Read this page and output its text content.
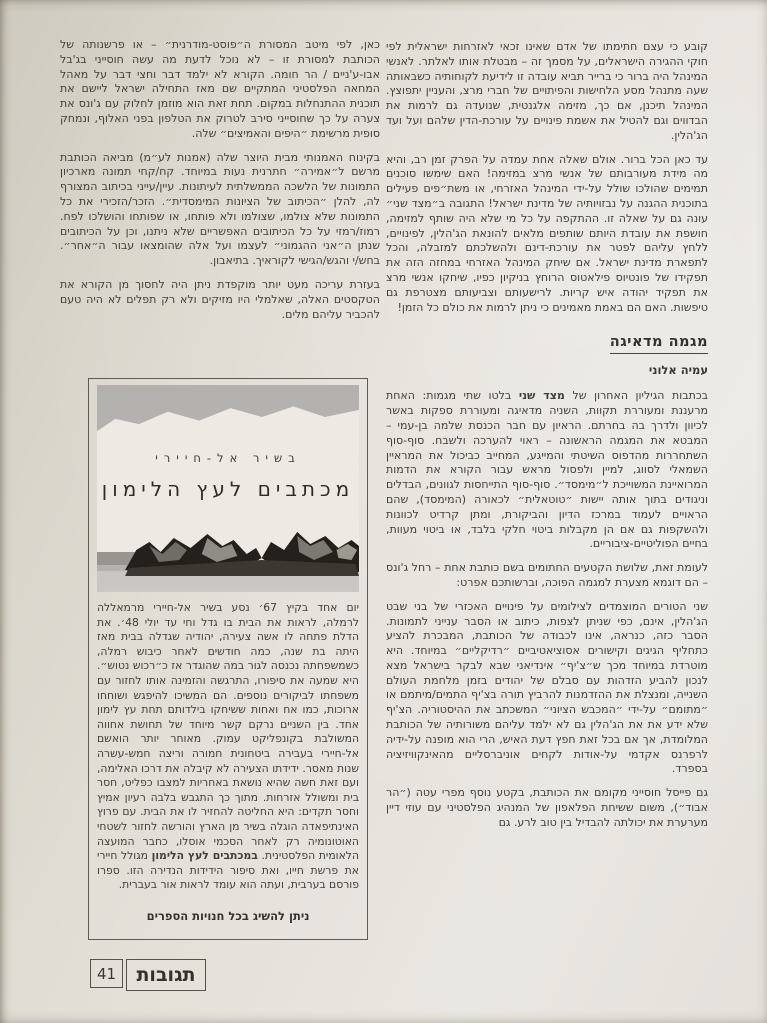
קובע כי עצם חתימתו של אדם שאינו זכאי לאזרחות ישראלית לפי חוקי ההגירה הישראלים, על מסמך זה – מבטלת אותו לאלתר. לאנשי המינהל היה ברור כי ברייר תביא עובדה זו לידיעת לקוחותיה כשבאותה שעה מתנהל מסע הלחישות והפיתויים של חברי מרצ, והעניין יתפוצץ. המינהל תיכנן, אם כך, מזימה אלגנטית, שנועדה גם לרמות את הבדווים וגם להטיל את אשמת פינויים על עורכת-הדין שלהם ועל ועד הג'הלין.

עד כאן הכל ברור. אולם שאלה אחת עמדה על הפרק זמן רב, והיא מה מידת מעורבותם של אנשי מרצ במזימה! האם שימשו סוכנים תמימים שהולכו שולל על-ידי המינהל האזרחי, או משת״פים פעילים בתוכנית ההגנה על נבזויותיה של מדינת ישראל! התגובה ב״מצד שני״ עונה גם על שאלה זו. ההתקפה על כל מי שלא היה שותף למזימה, חושפת את עובדת היותם שותפים מלאים להונאת הג'הלין, לפינויים, ללחץ עליהם לפטר את עורכת-דינם ולהשלכתם למזבלה, והכל לתפארת מדינת ישראל. אם שיחק המינהל האזרחי במחזה הזה את תפקידו של פונטיוס פילאטוס הרוחץ בניקיון כפיו, שיחקו אנשי מרצ את תפקיד יהודה איש קריות. לרישעותם וצביעותם מצטרפת גם טיפשות. האם הם באמת מאמינים כי ניתן לרמות את כולם כל הזמן!

מגמה מדאיגה
עמיה אלוני

בכתבות הגיליון האחרון של מצד שני בלטו שתי מגמות: האחת מרעננת ומעוררת תקוות, השניה מדאיגה ומעוררת ספקות באשר לכיוון ולדרך בה בחרתם. הראיון עם חבר הכנסת שלמה בן-עמי – המבטא את המגמה הראשונה – ראוי להערכה ולשבח. סוף-סוף השתחררות מהדפוס השיטתי והמייגע, המחייב כביכול את המראיין השמאלי לסווג, למיין ולפסול מראש עבור הקורא את הדמות המרואיינת המשוייכת ל״מימסד״. סוף-סוף התייחסות לגוונים, הבדלים וניגודים בתוך אותה יישות ״טוטאלית״ לכאורה (המימסד), שהם הראויים לעמוד במרכז הדיון והביקורת, ומתן קרדיט לכוונות ולהשקפות גם אם הן מקבלות ביטוי חלקי בלבד, או ביטוי מעוות, בחיים הפוליטיים-ציבוריים.

לעומת זאת, שלושת הקטעים החתומים בשם כותבת אחת – רחל ג'ונס – הם דוגמא מצערת למגמה הפוכה, וברשותכם אפרט:

שני הטורים המוצמדים לצילומים על פינויים האכזרי של בני שבט הג'הלין, אינם, כפי שניתן לצפות, כיתוב או הסבר ענייני לתמונות. הסבר כזה, כנראה, אינו לכבודה של הכותבת, המבכרת להציע כתחליף הגיגים וקישורים אסוציאטיביים ״רדיקליים״ במיוחד. היא מוטרדת במיוחד מכך ש״צ'יף״ אינדיאני שבא לבקר בישראל מצא לנכון להביע הזדהות עם סבלם של יהודים בזמן מלחמת העולם השנייה, ומנצלת את ההזדמנות להרביץ תורה בצ'יף התמים/מיתמם או ״מתומם״ על-ידי ״המכבש הציוני״ המשכתב את ההיסטוריה. הצ'יף שלא ידע את את הג'הלין גם לא ילמד עליהם משורותיה של הכותבת המלומדת, אך אם בכל זאת חפץ דעת האיש, הרי הוא מופנה על-ידיה לרפרנס אקדמי על-אודות לקחים אוניברסליים מהאינקוויזיציה בספרד.

גם פייסל חוסייני מקומם את הכותבת, בקטע נוסף מפרי עטה (״הר אבוד״), משום ששיחת הפלאפון של המנהיג הפלסטיני עם עוזי דיין מערערת את יכולתה להבדיל בין טוב לרע. גם

כאן, לפי מיטב המסורת ה״פוסט-מודרנית״ – או פרשנותה של הכותבת למסורת זו – לא נוכל לדעת מה עשה חוסייני בג'בל אבו-ע'ניים / הר חומה. הקורא לא ילמד דבר וחצי דבר על מאהל המחאה הפלסטיני המתקיים שם מאז התחילה ישראל ליישם את תוכנית ההתנחלות במקום. תחת זאת הוא מוזמן לחלוק עם ג'ונס את צערה על כך שחוסייני סירב לטרוק את הטלפון בפני האלוף, ונמחק סופית מרשימת ״היפים והאמיצים״ שלה.

בקינוח האמנותי מבית היוצר שלה (אמנות לע״מ) מביאה הכותבת מרשם ל״אמירה״ חתרנית נעות במיוחד. קח/קחי תמונה מארכיון התמונות של הלשכה הממשלתית לעיתונות. עיין/עייני בכיתוב המצורף לה, להלן ״הכיתוב של הציונות המימסדית״. הזכר/הזכירי את כל התמונות שלא צולמו, שצולמו ולא פותחו, או שפותחו והושלכו לפח. רמוז/רמזי על כל הכיתובים האפשריים שלא ניתנו, וכן על הכיתובים שנתן ה״אני ההגמוני״ לעצמו ועל אלה שהומצאו עבור ה״אחר״. בחש/י והגש/הגישי לקוראיך. בתיאבון.

בעזרת עריכה מעט יותר מוקפדת ניתן היה לחסוך מן הקורא את הטקסטים האלה, שאלמלי היו מזיקים ולא רק תפלים לא היה טעם להכביר עליהם מלים.

בשיר אל-חיירי
מכתבים לעץ הלימון
יום אחד בקיץ 67׳ נסע בשיר אל-חיירי מרמאללה לרמלה, לראות את הבית בו גדל וחי עד יולי 48׳. את הדלת פתחה לו אשה צעירה, יהודיה שגדלה בבית מאז היתה בת שנה, כמה חודשים לאחר כיבוש רמלה, כשמשפחתה נכנסה לגור במה שהוגדר אז כ״רכוש נטוש״. היא שמעה את סיפורו, התרגשה והזמינה אותו לחזור עם משפחתו לביקורים נוספים. הם המשיכו להיפגש ושוחחו ארוכות, כמו אח ואחות ששיחקו בילדותם תחת עץ לימון אחד. בין השניים נרקם קשר מיוחד של תחושת אחווה המשולבת בקונפליקט עמוק. מאוחר יותר הואשם אל-חיירי בעבירה ביטחונית חמורה וריצה חמש-עשרה שנות מאסר. ידידתו הצעירה לא קיבלה את דרכו האלימה, ועם זאת חשה שהיא נושאת באחריות למצבו כפליט, חסר בית ומשולל אזרחות. מתוך כך התגבש בלבה רעיון אמיץ וחסר תקדים: היא החליטה להחזיר לו את הבית. עם פרוץ האינתיפאדה הוגלה בשיר מן הארץ והורשה לחזור לשטחי האוטונומיה רק לאחר הסכמי אוסלו, כחבר המועצה הלאומית הפלסטינית. במכתבים לעץ הלימון מגולל חיירי את פרשת חייו, ואת סיפור הידידות הנדירה הזו. ספרו פורסם בערבית, ועתה הוא עומד לראות אור בעברית.
ניתן להשיג בכל חנויות הספרים
41	תגובות
